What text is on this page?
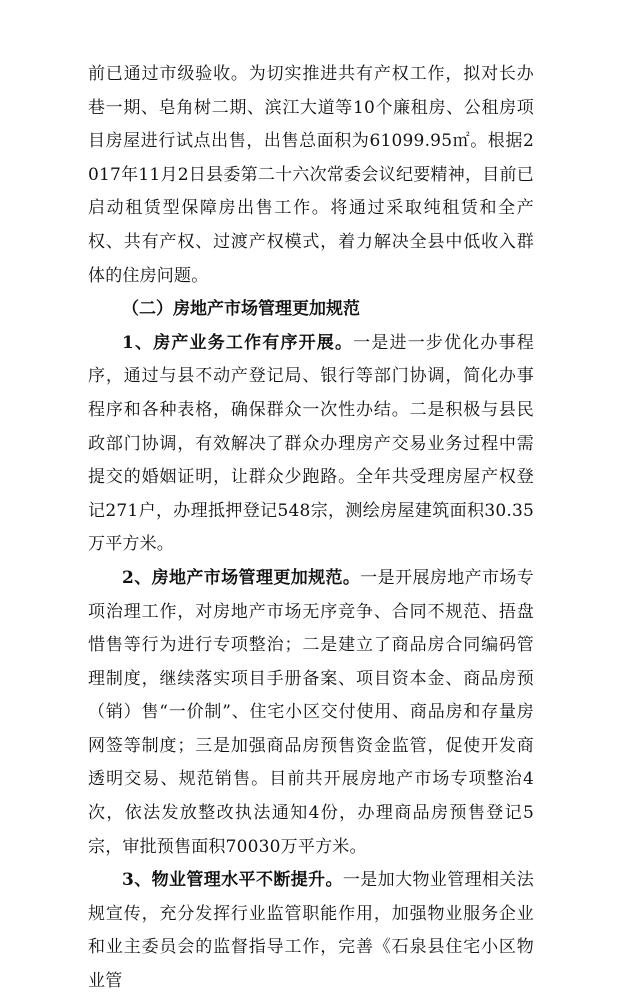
前已通过市级验收。为切实推进共有产权工作，拟对长办巷一期、皂角树二期、滨江大道等10个廉租房、公租房项目房屋进行试点出售，出售总面积为61099.95㎡。根据2017年11月2日县委第二十六次常委会议纪要精神，目前已启动租赁型保障房出售工作。将通过采取纯租赁和全产权、共有产权、过渡产权模式，着力解决全县中低收入群体的住房问题。

（二）房地产市场管理更加规范

1、房产业务工作有序开展。一是进一步优化办事程序，通过与县不动产登记局、银行等部门协调，简化办事程序和各种表格，确保群众一次性办结。二是积极与县民政部门协调，有效解决了群众办理房产交易业务过程中需提交的婚姻证明，让群众少跑路。全年共受理房屋产权登记271户，办理抵押登记548宗，测绘房屋建筑面积30.35万平方米。

2、房地产市场管理更加规范。一是开展房地产市场专项治理工作，对房地产市场无序竞争、合同不规范、捂盘惜售等行为进行专项整治；二是建立了商品房合同编码管理制度，继续落实项目手册备案、项目资本金、商品房预（销）售“一价制”、住宅小区交付使用、商品房和存量房网签等制度；三是加强商品房预售资金监管，促使开发商透明交易、规范销售。目前共开展房地产市场专项整治4次，依法发放整改执法通知4份，办理商品房预售登记5宗，审批预售面积70030万平方米。

3、物业管理水平不断提升。一是加大物业管理相关法规宣传，充分发挥行业监管职能作用，加强物业服务企业和业主委员会的监督指导工作，完善《石泉县住宅小区物业管
